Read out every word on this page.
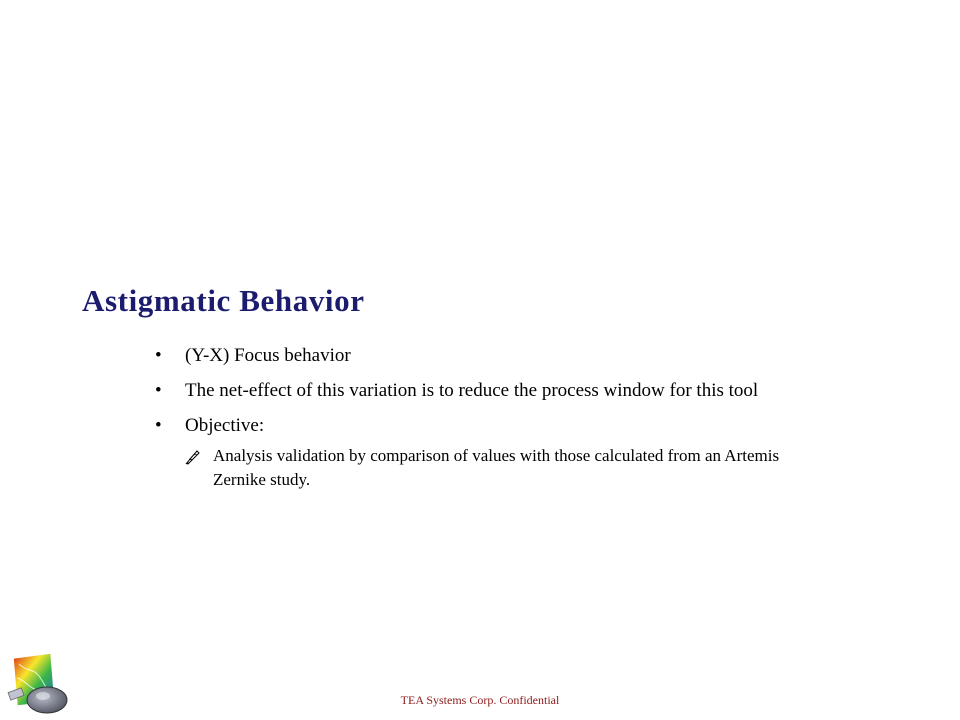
Astigmatic Behavior
• (Y-X) Focus behavior
• The net-effect of this variation is to reduce the process window for this tool
• Objective:
Analysis validation by comparison of values with those calculated from an Artemis Zernike study.
TEA Systems Corp. Confidential
